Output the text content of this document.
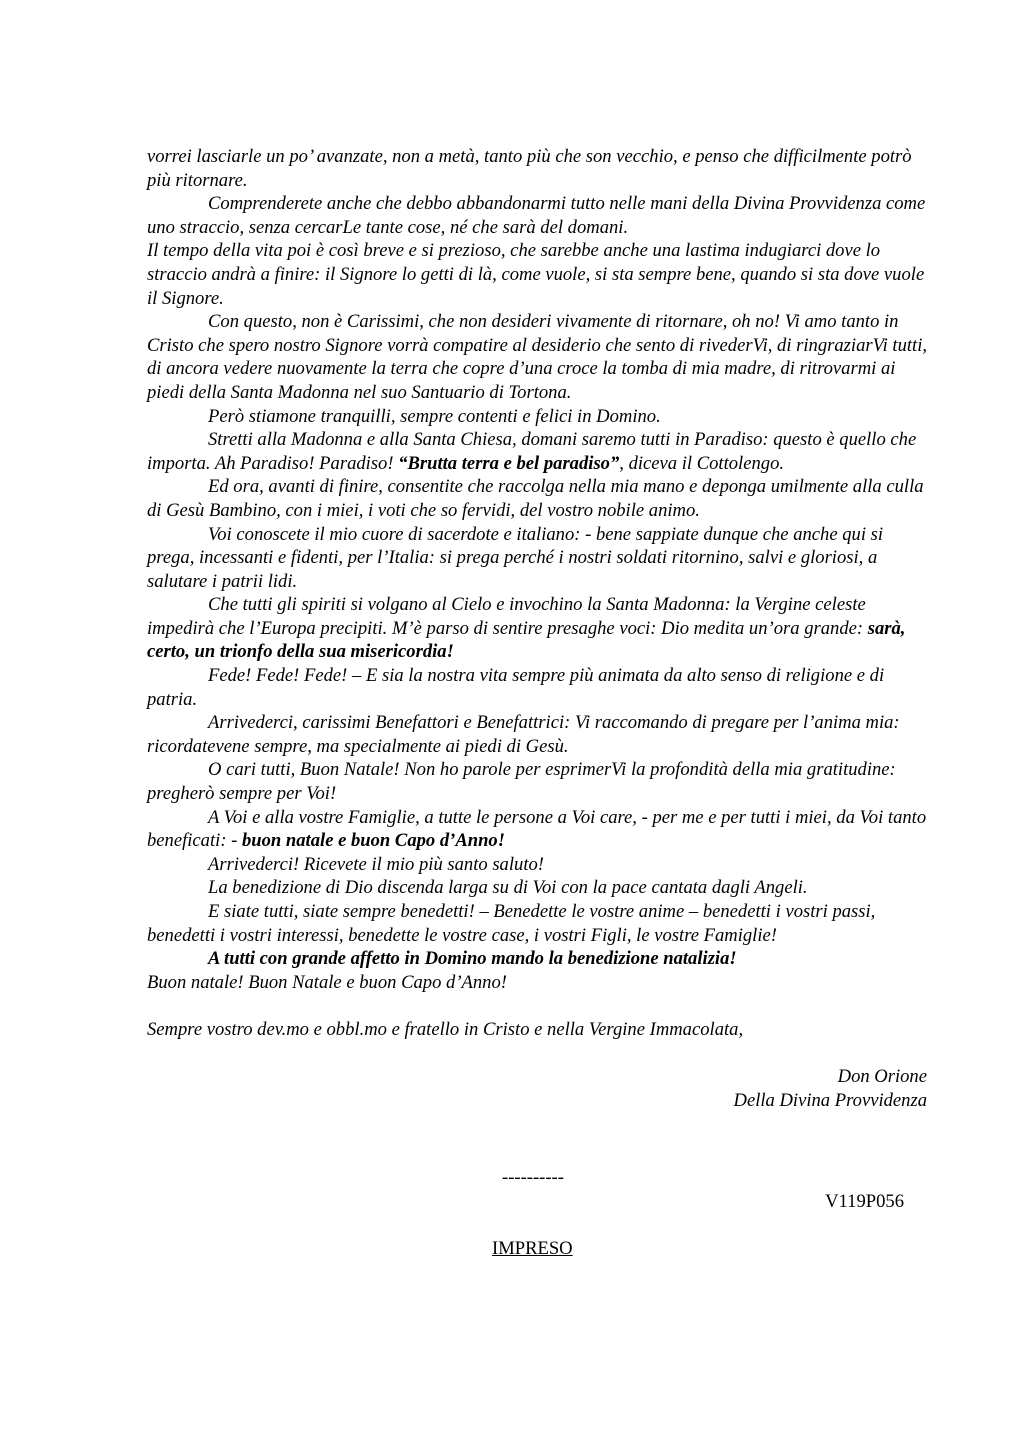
vorrei lasciarle un po’ avanzate, non a metà, tanto più che son vecchio, e penso che difficilmente potrò più ritornare.

Comprenderete anche che debbo abbandonarmi tutto nelle mani della Divina Provvidenza come uno straccio, senza cercarLe tante cose, né che sarà del domani.

Il tempo della vita poi è così breve e si prezioso, che sarebbe anche una lastima indugiarci dove lo straccio andrà a finire: il Signore lo getti di là, come vuole, si sta sempre bene, quando si sta dove vuole il Signore.

Con questo, non è Carissimi, che non desideri vivamente di ritornare, oh no! Vi amo tanto in Cristo che spero nostro Signore vorrà compatire al desiderio che sento di rivederVi, di ringraziarVi tutti, di ancora vedere nuovamente la terra che copre d’una croce la tomba di mia madre, di ritrovarmi ai piedi della Santa Madonna nel suo Santuario di Tortona.

Però stiamone tranquilli, sempre contenti e felici in Domino.

Stretti alla Madonna e alla Santa Chiesa, domani saremo tutti in Paradiso: questo è quello che importa. Ah Paradiso! Paradiso! “Brutta terra e bel paradiso”, diceva il Cottolengo.

Ed ora, avanti di finire, consentite che raccolga nella mia mano e deponga umilmente alla culla di Gesù Bambino, con i miei, i voti che so fervidi, del vostro nobile animo.

Voi conoscete il mio cuore di sacerdote e italiano: - bene sappiate dunque che anche qui si prega, incessanti e fidenti, per l’Italia: si prega perché i nostri soldati ritornino, salvi e gloriosi, a salutare i patrii lidi.

Che tutti gli spiriti si volgano al Cielo e invochino la Santa Madonna: la Vergine celeste impedirà che l’Europa precipiti. M’è parso di sentire presaghe voci: Dio medita un’ora grande: sarà, certo, un trionfo della sua misericordia!

Fede! Fede! Fede! – E sia la nostra vita sempre più animata da alto senso di religione e di patria.

Arrivederci, carissimi Benefattori e Benefattrici: Vi raccomando di pregare per l’anima mia: ricordatevene sempre, ma specialmente ai piedi di Gesù.

O cari tutti, Buon Natale! Non ho parole per esprimerVi la profondità della mia gratitudine: pregherò sempre per Voi!

A Voi e alla vostre Famiglie, a tutte le persone a Voi care, - per me e per tutti i miei, da Voi tanto beneficati: - buon natale e buon Capo d’Anno!

Arrivederci! Ricevete il mio più santo saluto!

La benedizione di Dio discenda larga su di Voi con la pace cantata dagli Angeli.

E siate tutti, siate sempre benedetti! – Benedette le vostre anime – benedetti i vostri passi, benedetti i vostri interessi, benedette le vostre case, i vostri Figli, le vostre Famiglie!

A tutti con grande affetto in Domino mando la benedizione natalizia!

Buon natale! Buon Natale e buon Capo d’Anno!

Sempre vostro dev.mo e obbl.mo e fratello in Cristo e nella Vergine Immacolata,

Don Orione

Della Divina Provvidenza

----------
V119P056
IMPRESO
